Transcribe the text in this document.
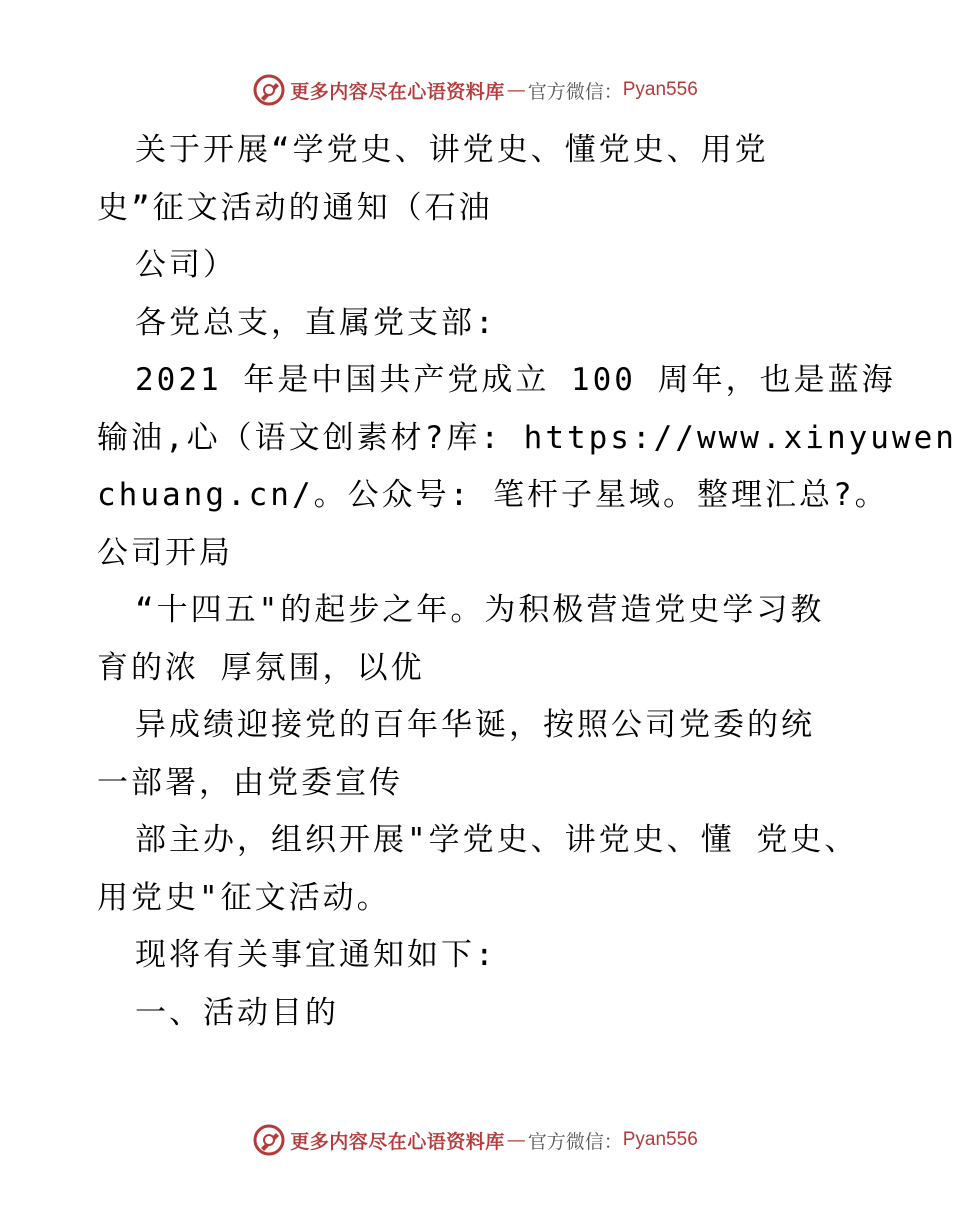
更多内容尽在心语资料库 — 官方微信： Pyan556
关于开展“学党史、讲党史、懂党史、用党
史”征文活动的通知（石油
公司）
各党总支，直属党支部:
2021 年是中国共产党成立 100 周年，也是蓝海
输油,心（语文创素材?库: https://www.xinyuwen
chuang.cn/。公众号: 笔杆子星域。整理汇总?。
公司开局
“十四五"的起步之年。为积极营造党史学习教
育的浓 厚氛围，以优
异成绩迎接党的百年华诞，按照公司党委的统
一部署，由党委宣传
部主办，组织开展"学党史、讲党史、懂 党史、
用党史"征文活动。
现将有关事宜通知如下:
一、活动目的
更多内容尽在心语资料库 — 官方微信： Pyan556
